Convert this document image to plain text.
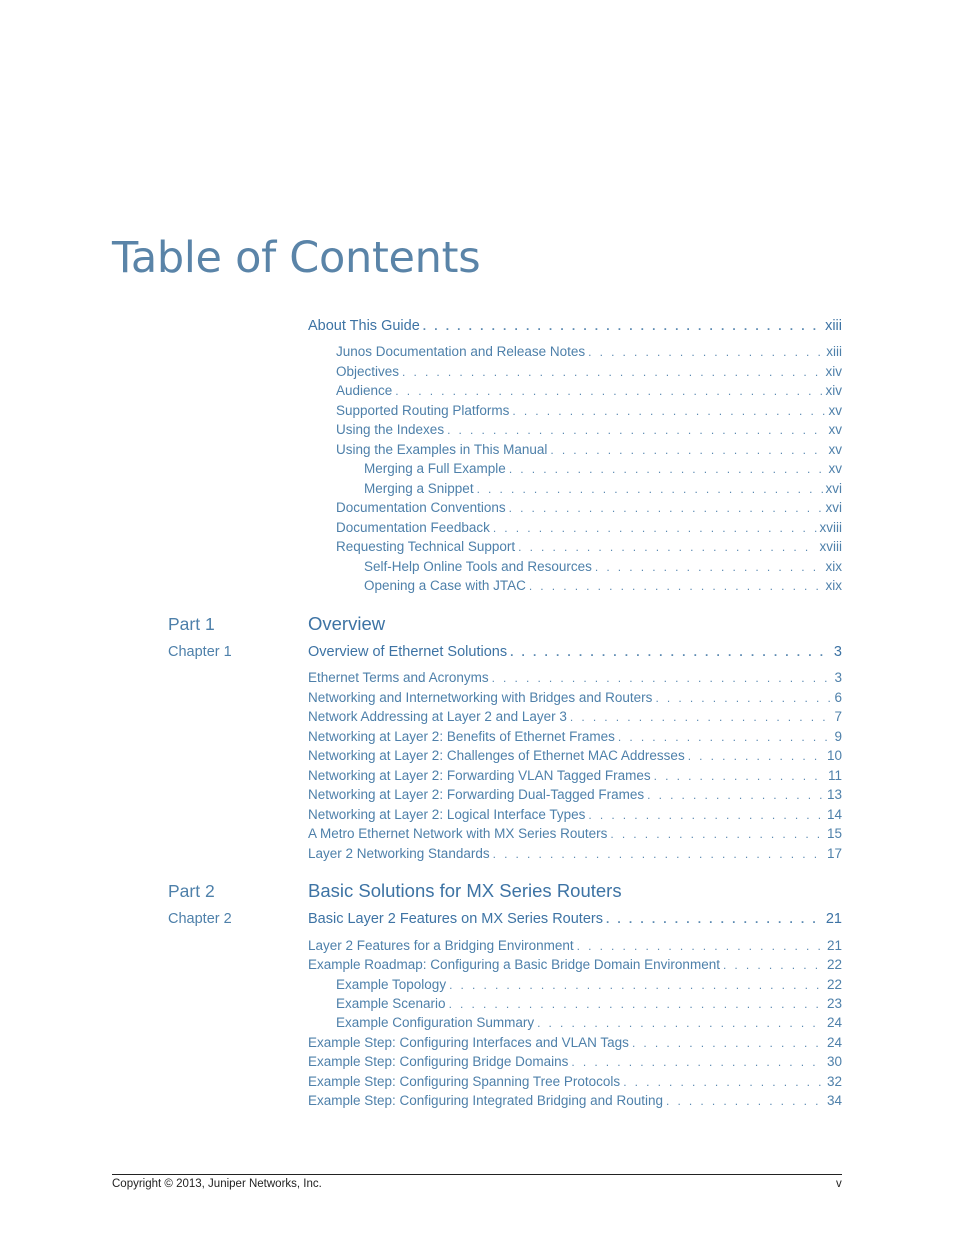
Table of Contents
About This Guide . . .	xiii
Junos Documentation and Release Notes . . .	xiii
Objectives . . .	xiv
Audience . . .	xiv
Supported Routing Platforms . . .	xv
Using the Indexes . . .	xv
Using the Examples in This Manual . . .	xv
Merging a Full Example . . .	xv
Merging a Snippet . . .	xvi
Documentation Conventions . . .	xvi
Documentation Feedback . . .	xviii
Requesting Technical Support . . .	xviii
Self-Help Online Tools and Resources . . .	xix
Opening a Case with JTAC . . .	xix
Part 1	Overview
Chapter 1	Overview of Ethernet Solutions . . .	3
Ethernet Terms and Acronyms . . .	3
Networking and Internetworking with Bridges and Routers . . .	6
Network Addressing at Layer 2 and Layer 3 . . .	7
Networking at Layer 2: Benefits of Ethernet Frames . . .	9
Networking at Layer 2: Challenges of Ethernet MAC Addresses . . .	10
Networking at Layer 2: Forwarding VLAN Tagged Frames . . .	11
Networking at Layer 2: Forwarding Dual-Tagged Frames . . .	13
Networking at Layer 2: Logical Interface Types . . .	14
A Metro Ethernet Network with MX Series Routers . . .	15
Layer 2 Networking Standards . . .	17
Part 2	Basic Solutions for MX Series Routers
Chapter 2	Basic Layer 2 Features on MX Series Routers . . .	21
Layer 2 Features for a Bridging Environment . . .	21
Example Roadmap: Configuring a Basic Bridge Domain Environment . . .	22
Example Topology . . .	22
Example Scenario . . .	23
Example Configuration Summary . . .	24
Example Step: Configuring Interfaces and VLAN Tags . . .	24
Example Step: Configuring Bridge Domains . . .	30
Example Step: Configuring Spanning Tree Protocols . . .	32
Example Step: Configuring Integrated Bridging and Routing . . .	34
Copyright © 2013, Juniper Networks, Inc.	v
